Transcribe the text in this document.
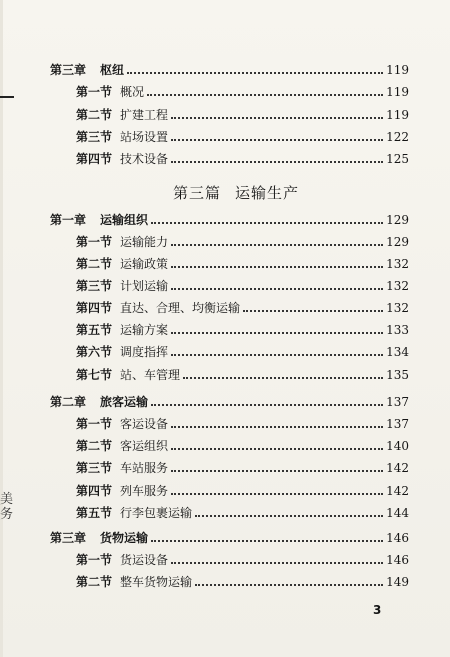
美务
第三章 枢纽	119
第一节 概况	119
第二节 扩建工程	119
第三节 站场设置	122
第四节 技术设备	125
第三篇 运输生产
第一章 运输组织	129
第一节 运输能力	129
第二节 运输政策	132
第三节 计划运输	132
第四节 直达、合理、均衡运输	132
第五节 运输方案	133
第六节 调度指挥	134
第七节 站、车管理	135
第二章 旅客运输	137
第一节 客运设备	137
第二节 客运组织	140
第三节 车站服务	142
第四节 列车服务	142
第五节 行李包裹运输	144
第三章 货物运输	146
第一节 货运设备	146
第二节 整车货物运输	149
3
